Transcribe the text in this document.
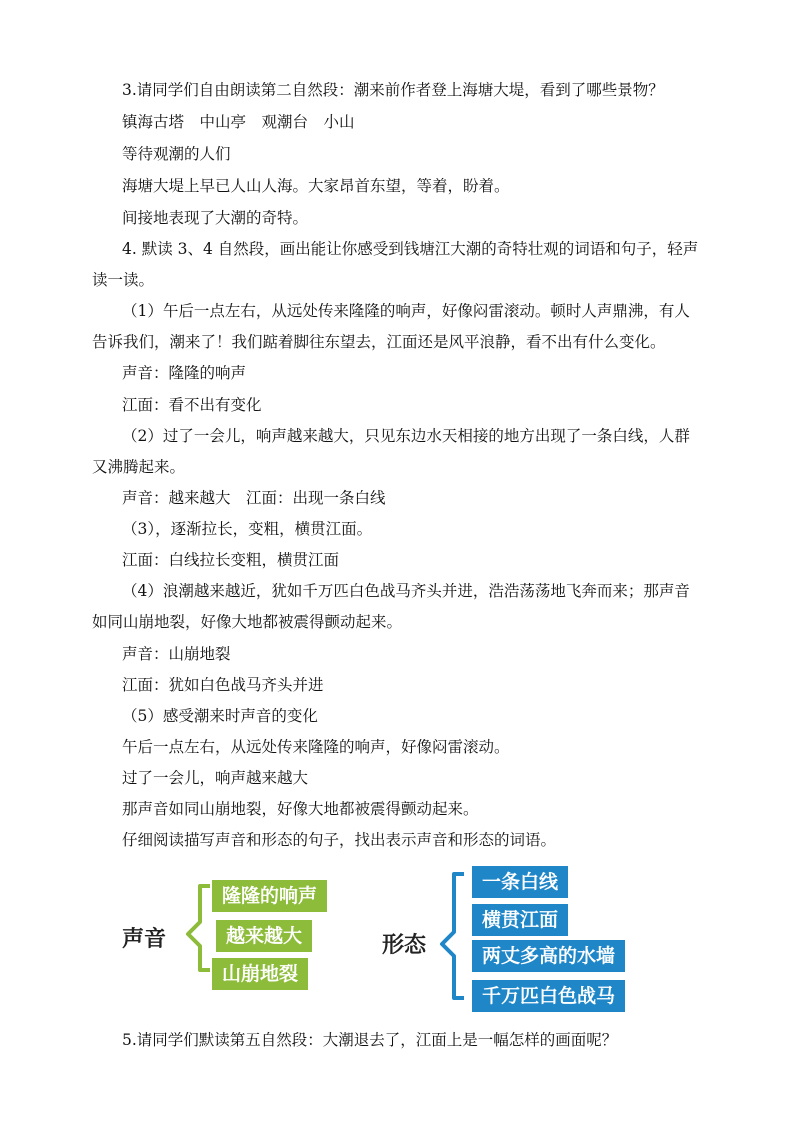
3.请同学们自由朗读第二自然段：潮来前作者登上海塘大堤，看到了哪些景物？
镇海古塔　中山亭　观潮台　小山
等待观潮的人们
海塘大堤上早已人山人海。大家昂首东望，等着，盼着。
间接地表现了大潮的奇特。
4. 默读 3、4 自然段，画出能让你感受到钱塘江大潮的奇特壮观的词语和句子，轻声
读一读。
（1）午后一点左右，从远处传来隆隆的响声，好像闷雷滚动。顿时人声鼎沸，有人
告诉我们，潮来了！我们踮着脚往东望去，江面还是风平浪静，看不出有什么变化。
声音：隆隆的响声
江面：看不出有变化
（2）过了一会儿，响声越来越大，只见东边水天相接的地方出现了一条白线，人群
又沸腾起来。
声音：越来越大　江面：出现一条白线
（3），逐渐拉长，变粗，横贯江面。
江面：白线拉长变粗，横贯江面
（4）浪潮越来越近，犹如千万匹白色战马齐头并进，浩浩荡荡地飞奔而来；那声音
如同山崩地裂，好像大地都被震得颤动起来。
声音：山崩地裂
江面：犹如白色战马齐头并进
（5）感受潮来时声音的变化
午后一点左右，从远处传来隆隆的响声，好像闷雷滚动。
过了一会儿，响声越来越大
那声音如同山崩地裂，好像大地都被震得颤动起来。
仔细阅读描写声音和形态的句子，找出表示声音和形态的词语。
声音
隆隆的响声
越来越大
山崩地裂
形态
一条白线
横贯江面
两丈多高的水墙
千万匹白色战马
5.请同学们默读第五自然段：大潮退去了，江面上是一幅怎样的画面呢？
